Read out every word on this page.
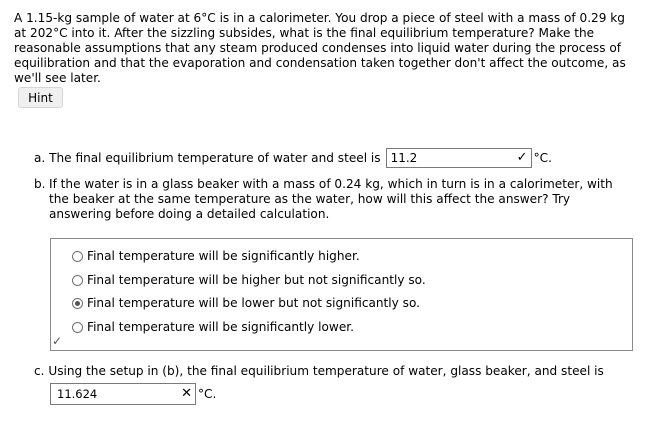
A 1.15-kg sample of water at 6°C is in a calorimeter. You drop a piece of steel with a mass of 0.29 kg at 202°C into it. After the sizzling subsides, what is the final equilibrium temperature? Make the reasonable assumptions that any steam produced condenses into liquid water during the process of equilibration and that the evaporation and condensation taken together don't affect the outcome, as we'll see later.
Hint
a.
The final equilibrium temperature of water and steel is 11.2	✓ °C.
b. If the water is in a glass beaker with a mass of 0.24 kg, which in turn is in a calorimeter, with the beaker at the same temperature as the water, how will this affect the answer? Try answering before doing a detailed calculation.
Final temperature will be significantly higher.
Final temperature will be higher but not significantly so.
Final temperature will be lower but not significantly so.
Final temperature will be significantly lower.
✓
c. Using the setup in (b), the final equilibrium temperature of water, glass beaker, and steel is
11.624	✕ °C.
